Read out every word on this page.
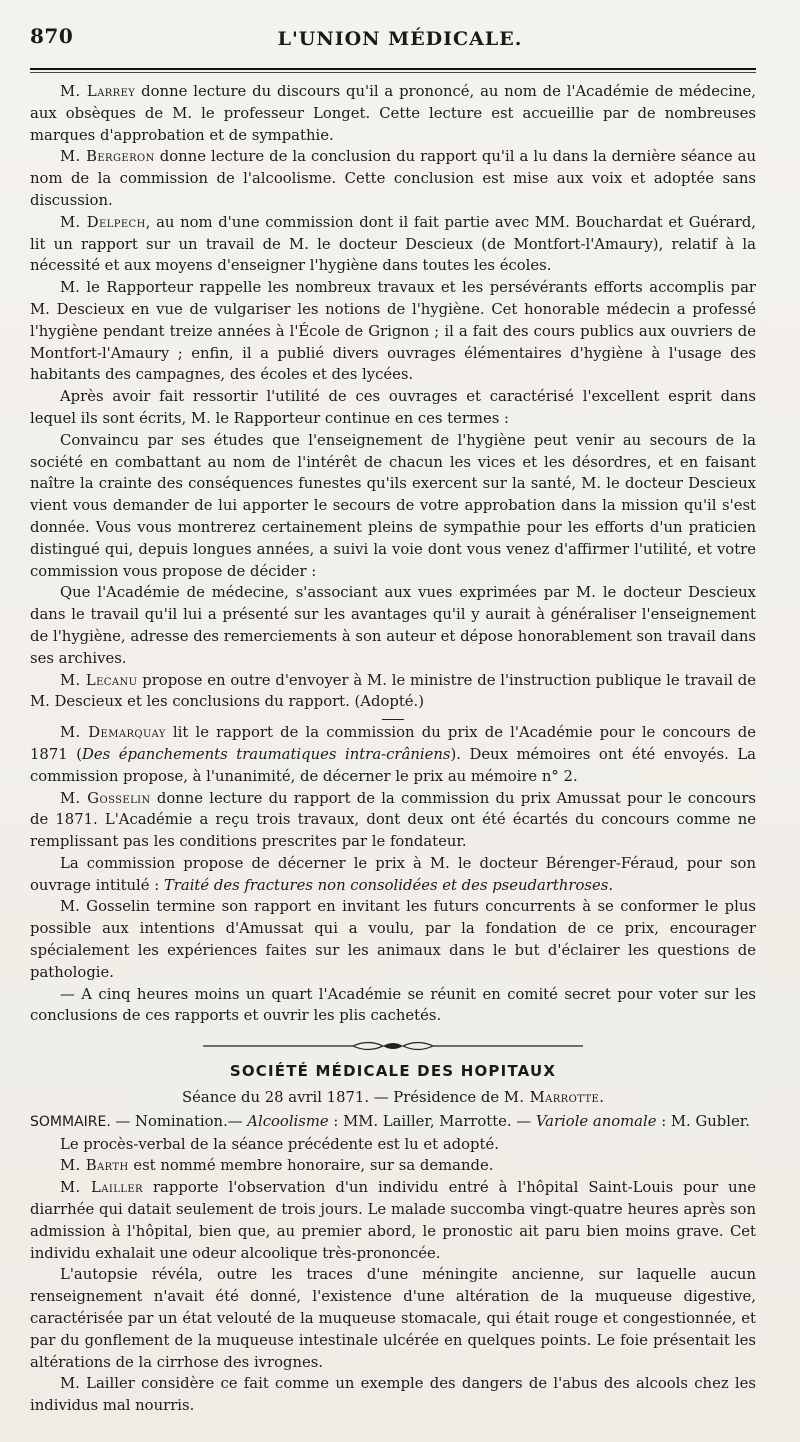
870	L'UNION MÉDICALE.

M. Larrey donne lecture du discours qu'il a prononcé, au nom de l'Académie de médecine, aux obsèques de M. le professeur Longet. Cette lecture est accueillie par de nombreuses marques d'approbation et de sympathie.

M. Bergeron donne lecture de la conclusion du rapport qu'il a lu dans la dernière séance au nom de la commission de l'alcoolisme. Cette conclusion est mise aux voix et adoptée sans discussion.

M. Delpech, au nom d'une commission dont il fait partie avec MM. Bouchardat et Guérard, lit un rapport sur un travail de M. le docteur Descieux (de Montfort-l'Amaury), relatif à la nécessité et aux moyens d'enseigner l'hygiène dans toutes les écoles.

M. le Rapporteur rappelle les nombreux travaux et les persévérants efforts accomplis par M. Descieux en vue de vulgariser les notions de l'hygiène. Cet honorable médecin a professé l'hygiène pendant treize années à l'École de Grignon ; il a fait des cours publics aux ouvriers de Montfort-l'Amaury ; enfin, il a publié divers ouvrages élémentaires d'hygiène à l'usage des habitants des campagnes, des écoles et des lycées.

Après avoir fait ressortir l'utilité de ces ouvrages et caractérisé l'excellent esprit dans lequel ils sont écrits, M. le Rapporteur continue en ces termes :

Convaincu par ses études que l'enseignement de l'hygiène peut venir au secours de la société en combattant au nom de l'intérêt de chacun les vices et les désordres, et en faisant naître la crainte des conséquences funestes qu'ils exercent sur la santé, M. le docteur Descieux vient vous demander de lui apporter le secours de votre approbation dans la mission qu'il s'est donnée. Vous vous montrerez certainement pleins de sympathie pour les efforts d'un praticien distingué qui, depuis longues années, a suivi la voie dont vous venez d'affirmer l'utilité, et votre commission vous propose de décider :

Que l'Académie de médecine, s'associant aux vues exprimées par M. le docteur Descieux dans le travail qu'il lui a présenté sur les avantages qu'il y aurait à généraliser l'enseignement de l'hygiène, adresse des remerciements à son auteur et dépose honorablement son travail dans ses archives.

M. Lecanu propose en outre d'envoyer à M. le ministre de l'instruction publique le travail de M. Descieux et les conclusions du rapport. (Adopté.)

M. Demarquay lit le rapport de la commission du prix de l'Académie pour le concours de 1871 (Des épanchements traumatiques intra-crâniens). Deux mémoires ont été envoyés. La commission propose, à l'unanimité, de décerner le prix au mémoire n° 2.

M. Gosselin donne lecture du rapport de la commission du prix Amussat pour le concours de 1871. L'Académie a reçu trois travaux, dont deux ont été écartés du concours comme ne remplissant pas les conditions prescrites par le fondateur.

La commission propose de décerner le prix à M. le docteur Bérenger-Féraud, pour son ouvrage intitulé : Traité des fractures non consolidées et des pseudarthroses.

M. Gosselin termine son rapport en invitant les futurs concurrents à se conformer le plus possible aux intentions d'Amussat qui a voulu, par la fondation de ce prix, encourager spécialement les expériences faites sur les animaux dans le but d'éclairer les questions de pathologie.

— A cinq heures moins un quart l'Académie se réunit en comité secret pour voter sur les conclusions de ces rapports et ouvrir les plis cachetés.

SOCIÉTÉ MÉDICALE DES HOPITAUX
Séance du 28 avril 1871. — Présidence de M. Marrotte.

SOMMAIRE. — Nomination.— Alcoolisme : MM. Lailler, Marrotte. — Variole anomale : M. Gubler.

Le procès-verbal de la séance précédente est lu et adopté.

M. Barth est nommé membre honoraire, sur sa demande.

M. Lailler rapporte l'observation d'un individu entré à l'hôpital Saint-Louis pour une diarrhée qui datait seulement de trois jours. Le malade succomba vingt-quatre heures après son admission à l'hôpital, bien que, au premier abord, le pronostic ait paru bien moins grave. Cet individu exhalait une odeur alcoolique très-prononcée.

L'autopsie révéla, outre les traces d'une méningite ancienne, sur laquelle aucun renseignement n'avait été donné, l'existence d'une altération de la muqueuse digestive, caractérisée par un état velouté de la muqueuse stomacale, qui était rouge et congestionnée, et par du gonflement de la muqueuse intestinale ulcérée en quelques points. Le foie présentait les altérations de la cirrhose des ivrognes.

M. Lailler considère ce fait comme un exemple des dangers de l'abus des alcools chez les individus mal nourris.
